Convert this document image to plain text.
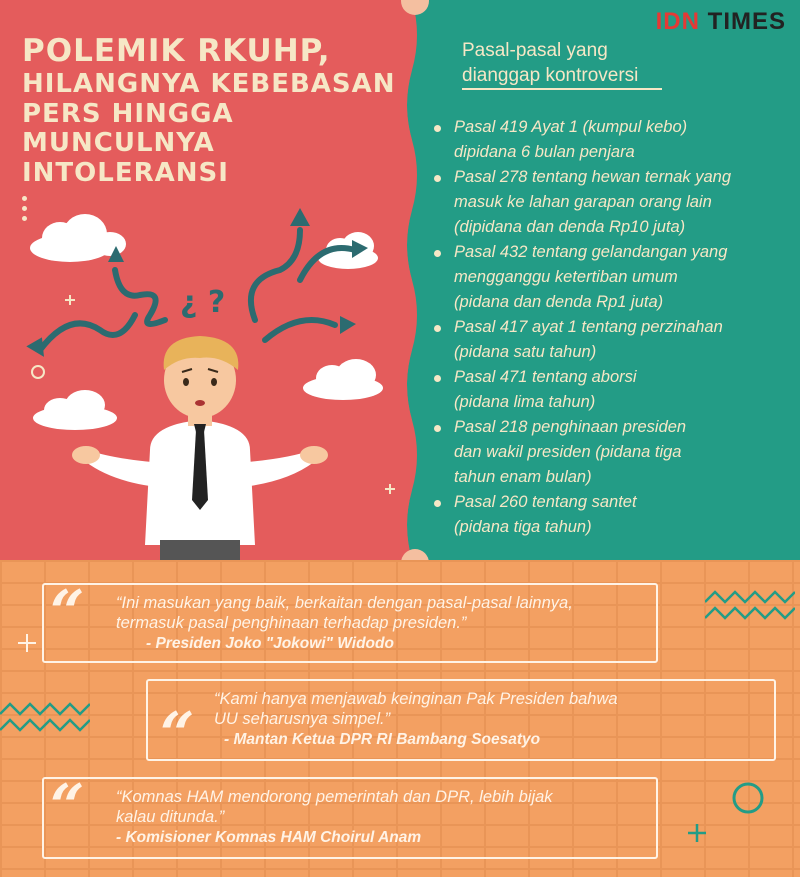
IDN TIMES
POLEMIK RKUHP,
HILANGNYA KEBEBASAN
PERS HINGGA MUNCULNYA
INTOLERANSI
¿ ?
Pasal-pasal yang

dianggap kontroversi
Pasal 419 Ayat 1 (kumpul kebo)
dipidana 6 bulan penjara
Pasal 278 tentang hewan ternak yang
masuk ke lahan garapan orang lain
(dipidana dan denda Rp10 juta)
Pasal 432 tentang gelandangan yang
mengganggu ketertiban umum
(pidana dan denda Rp1 juta)
Pasal 417 ayat 1 tentang perzinahan
(pidana satu tahun)
Pasal 471 tentang aborsi
(pidana lima tahun)
Pasal 218 penghinaan presiden
dan wakil presiden (pidana tiga
tahun enam bulan)
Pasal 260 tentang santet
(pidana tiga tahun)
“ “Ini masukan yang baik, berkaitan dengan pasal-pasal lainnya,
termasuk pasal penghinaan terhadap presiden.”
- Presiden Joko "Jokowi" Widodo
“
“Kami hanya menjawab keinginan Pak Presiden bahwa
UU seharusnya simpel.”
- Mantan Ketua DPR RI Bambang Soesatyo
“ “Komnas HAM mendorong pemerintah dan DPR, lebih bijak
kalau ditunda.”
- Komisioner Komnas HAM Choirul Anam
